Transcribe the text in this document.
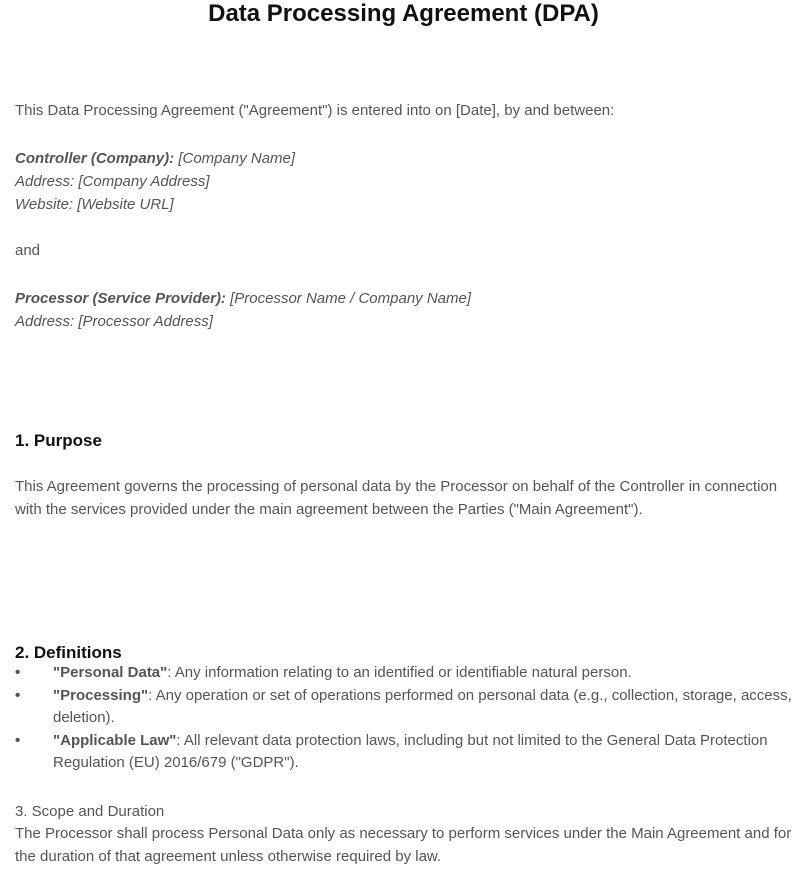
Data Processing Agreement (DPA)

This Data Processing Agreement ("Agreement") is entered into on [Date], by and between:

Controller (Company): [Company Name]
Address: [Company Address]
Website: [Website URL]

and

Processor (Service Provider): [Processor Name / Company Name]
Address: [Processor Address]
1. Purpose

This Agreement governs the processing of personal data by the Processor on behalf of the Controller in connection with the services provided under the main agreement between the Parties ("Main Agreement").

2. Definitions
• "Personal Data": Any information relating to an identified or identifiable natural person.
• "Processing": Any operation or set of operations performed on personal data (e.g., collection, storage, access, deletion).
• "Applicable Law": All relevant data protection laws, including but not limited to the General Data Protection Regulation (EU) 2016/679 ("GDPR").

3. Scope and Duration

The Processor shall process Personal Data only as necessary to perform services under the Main Agreement and for the duration of that agreement unless otherwise required by law.
